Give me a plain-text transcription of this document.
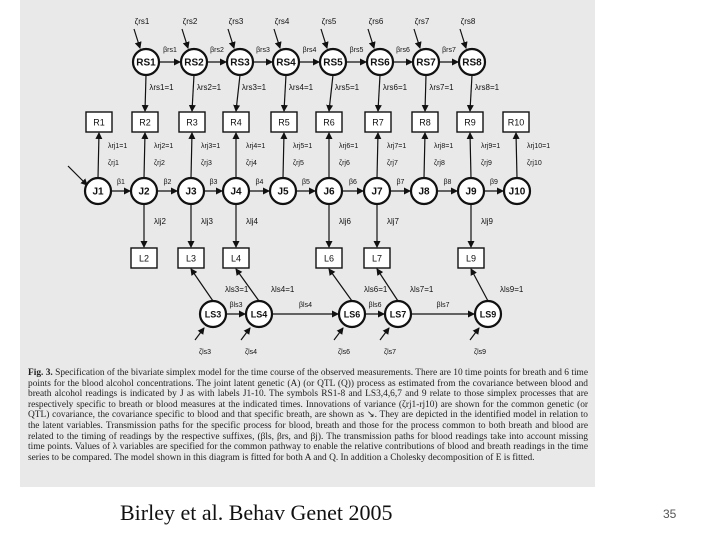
ζrs1	ζrs2	ζrs3	ζrs4	ζrs5	ζrs6	ζrs7	ζrs8
βrs1	βrs2	βrs3	βrs4	βrs5	βrs6	βrs7
RS1	RS2	RS3	RS4	RS5	RS6	RS7	RS8
λrs1=1	λrs2=1	λrs3=1	λrs4=1	λrs5=1	λrs6=1	λrs7=1	λrs8=1
R1	R2	R3	R4	R5	R6	R7	R8	R9	R10
λrj1=1
ζrj1
λrj2=1
ζrj2
λrj3=1
ζrj3
λrj4=1
ζrj4
λrj5=1
ζrj5
λrj6=1
ζrj6
λrj7=1
ζrj7
λrj8=1
ζrj8
λrj9=1
ζrj9
λrj10=1
ζrj10
β1	β2	β3	β4	β5	β6	β7	β8	β9
J1	J2	J3	J4	J5	J6	J7	J8	J9	J10
λlj2
L2
λlj3
L3
λlj4
L4
λlj6
L6
λlj7
L7
λlj9
L9
λls3=1
ζls3
λls4=1
ζls4
λls6=1
ζls6
λls7=1
ζls7
λls9=1
ζls9
βls3	βls4	βls6	βls7
LS3	LS4	LS6	LS7	LS9
Fig. 3. Specification of the bivariate simplex model for the time course of the observed measurements. There are 10 time points for breath and 6 time points for the blood alcohol concentrations. The joint latent genetic (A) (or QTL (Q)) process as estimated from the covariance between blood and breath alcohol readings is indicated by J as with labels J1-10. The symbols RS1-8 and LS3,4,6,7 and 9 relate to those simplex processes that are respectively specific to breath or blood measures at the indicated times. Innovations of variance (ζrj1-rj10) are shown for the common genetic (or QTL) covariance, the covariance specific to blood and that specific breath, are shown as ↘. They are depicted in the identified model in relation to the latent variables. Transmission paths for the specific process for blood, breath and those for the process common to both breath and blood are related to the timing of readings by the respective suffixes, (βls, βrs, and βj). The transmission paths for blood readings take into account missing time points. Values of λ variables are specified for the common pathway to enable the relative contributions of blood and breath readings in the time series to be compared. The model shown in this diagram is fitted for both A and Q. In addition a Cholesky decomposition of E is fitted.
Birley et al. Behav Genet 2005	35
